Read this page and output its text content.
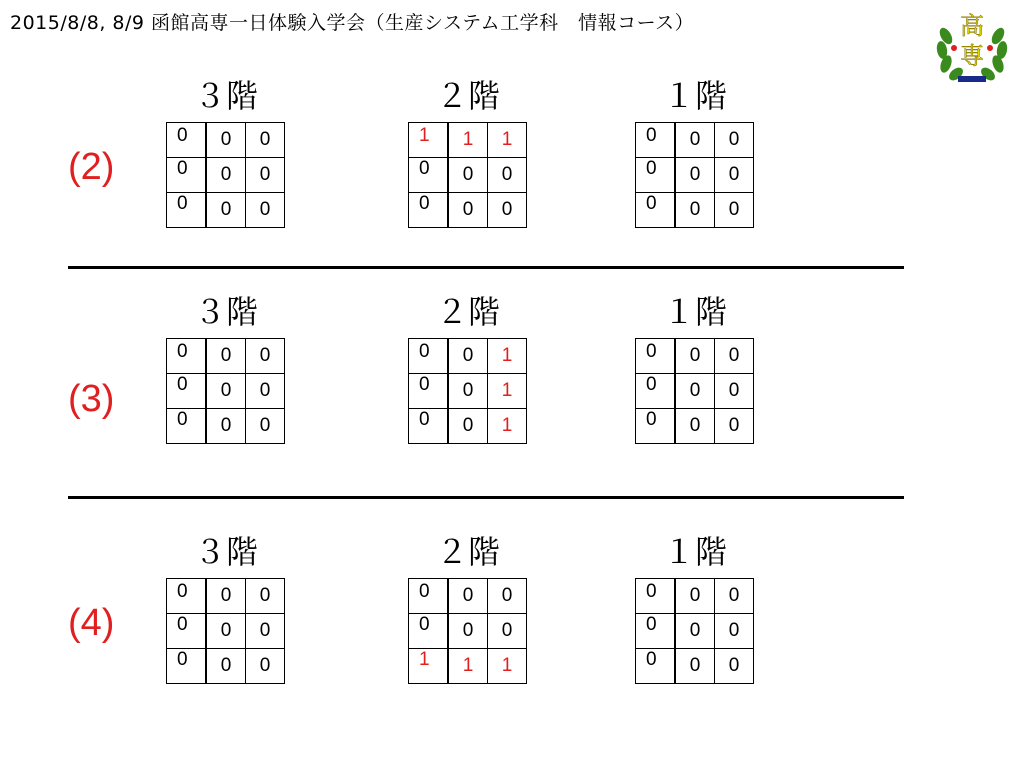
2015/8/8, 8/9 函館高専一日体験入学会（生産システム工学科　情報コース）	高
専
(2)
３階
0	0	0
0	0	0
0	0	0
２階
1	1	1
0	0	0
0	0	0
１階
0	0	0
0	0	0
0	0	0
(3)
３階
0	0	0
0	0	0
0	0	0
２階
0	0	1
0	0	1
0	0	1
１階
0	0	0
0	0	0
0	0	0
(4)
３階
0	0	0
0	0	0
0	0	0
２階
0	0	0
0	0	0
1	1	1
１階
0	0	0
0	0	0
0	0	0
